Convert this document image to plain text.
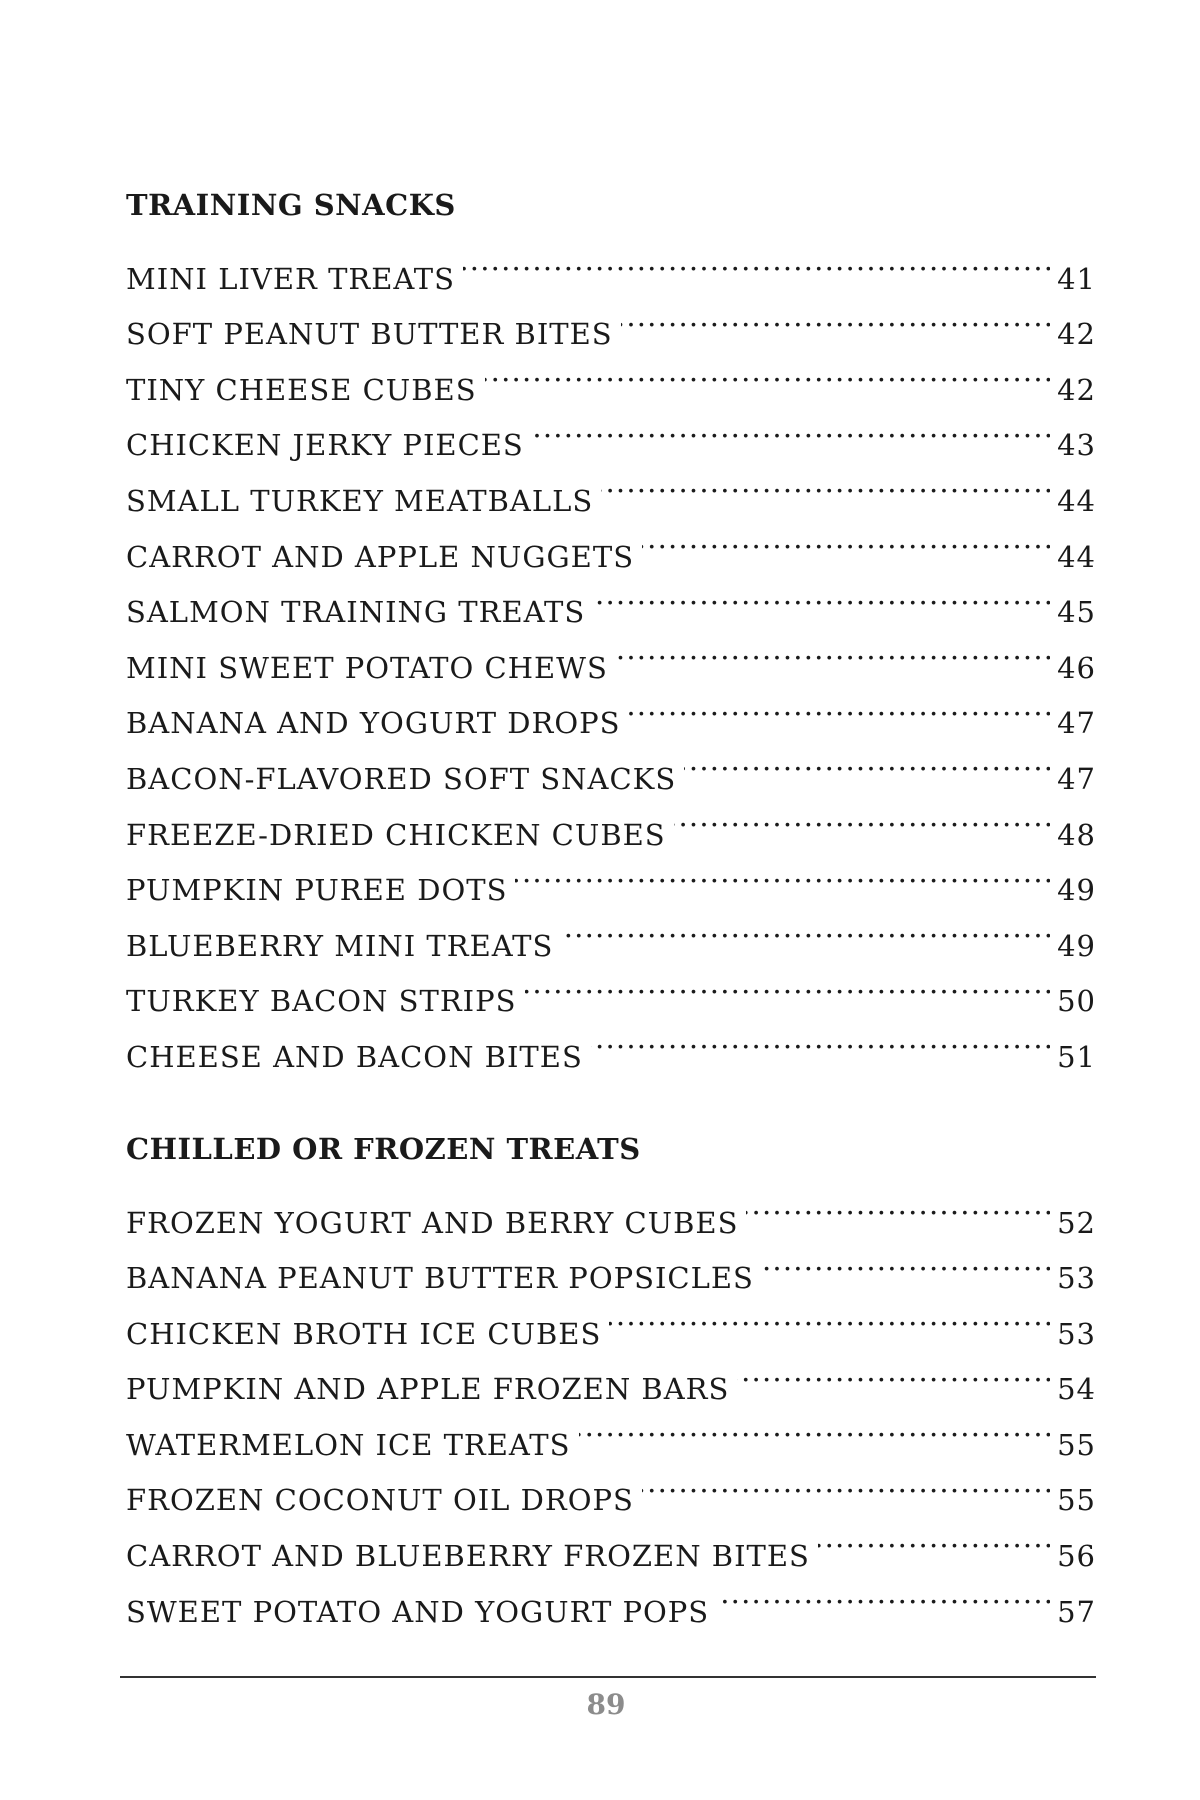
TRAINING SNACKS
MINI LIVER TREATS . . .	41
SOFT PEANUT BUTTER BITES . . .	42
TINY CHEESE CUBES . . .	42
CHICKEN JERKY PIECES . . .	43
SMALL TURKEY MEATBALLS . . .	44
CARROT AND APPLE NUGGETS . . .	44
SALMON TRAINING TREATS . . .	45
MINI SWEET POTATO CHEWS . . .	46
BANANA AND YOGURT DROPS . . .	47
BACON-FLAVORED SOFT SNACKS . . .	47
FREEZE-DRIED CHICKEN CUBES . . .	48
PUMPKIN PUREE DOTS . . .	49
BLUEBERRY MINI TREATS . . .	49
TURKEY BACON STRIPS . . .	50
CHEESE AND BACON BITES . . .	51
CHILLED OR FROZEN TREATS
FROZEN YOGURT AND BERRY CUBES . . .	52
BANANA PEANUT BUTTER POPSICLES . . .	53
CHICKEN BROTH ICE CUBES . . .	53
PUMPKIN AND APPLE FROZEN BARS . . .	54
WATERMELON ICE TREATS . . .	55
FROZEN COCONUT OIL DROPS . . .	55
CARROT AND BLUEBERRY FROZEN BITES . . .	56
SWEET POTATO AND YOGURT POPS . . .	57
89
